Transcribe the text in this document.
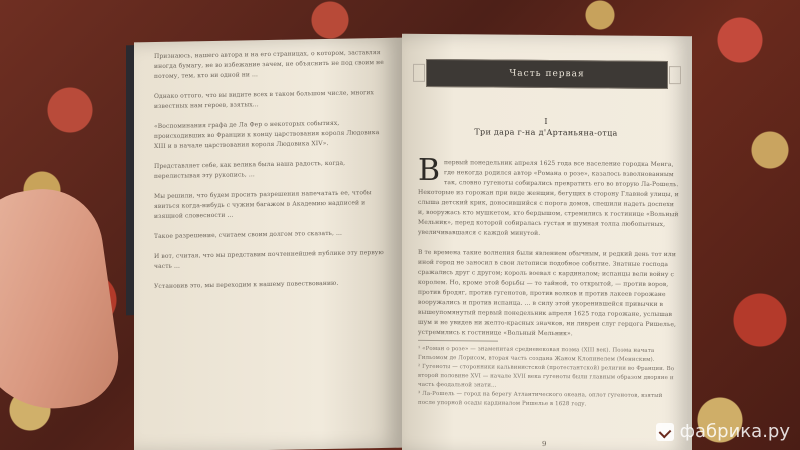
Признаюсь, нашего автора и на его страницах, о котором, заставляя иногда бумагу, не во избежание зачем, не объяснить не под своим не потому, тем, кто ни одной ни ...

Однако оттого, что вы видите всех в таком большом числе, многих известных нам героев, взятых...

«Воспоминания графа де Ла Фер о некоторых событиях, происходивших во Франции к концу царствования короля Людовика XIII и в начале царствования короля Людовика XIV».

Представляет себе, как велика была наша радость, когда, перелистывая эту рукопись, ...

Мы решили, что будем просить разрешения напечатать ее, чтобы явиться когда-нибудь с чужим багажом в Академию надписей и изящной словесности ...

Такое разрешение, считаем своим долгом это сказать, ...

И вот, считая, что мы представим почтеннейшей публике эту первую часть ...

Установив это, мы переходим к нашему повествованию.
Часть первая
I
Три дара г-на д'Артаньяна-отца
В первый понедельник апреля 1625 года все население городка Менга, где некогда родился автор «Романа о розе», казалось взволнованным так, словно гугеноты собирались превратить его во вторую Ла-Рошель.
Некоторые из горожан при виде женщин, бегущих в сторону Главной улицы, и слыша детский крик, доносившийся с порога домов, спешили надеть доспехи и, вооружась кто мушкетом, кто бердышом, стремились к гостинице «Вольный Мельник», перед которой собиралась густая и шумная толпа любопытных, увеличивавшаяся с каждой минутой.

В те времена такие волнения были явлением обычным, и редкий день тот или иной город не заносил в свои летописи подобное событие. Знатные господа сражались друг с другом; король воевал с кардиналом; испанцы вели войну с королем. Но, кроме этой борьбы — то тайной, то открытой, — против воров, против бродяг, против гугенотов, против волков и против лакеев горожане вооружались и против испанца. ... в силу этой укоренившейся привычки в вышеупомянутый первый понедельник апреля 1625 года горожане, услышав шум и не увидев ни желто-красных значков, ни ливреи слуг герцога Ришелье, устремились к гостинице «Вольный Мельник».
¹ «Роман о розе» — знаменитая средневековая поэма (XIII век). Поэма начата Гильомом де Лорисом, вторая часть создана Жаном Клопинелем (Меннским).
² Гугеноты — сторонники кальвинистской (протестантской) религии во Франции. Во второй половине XVI — начале XVII века гугеноты были главным образом дворяне и часть феодальной знати...
³ Ла-Рошель — город на берегу Атлантического океана, оплот гугенотов, взятый после упорной осады кардиналом Ришелье в 1628 году.
9
фабрика.ру
